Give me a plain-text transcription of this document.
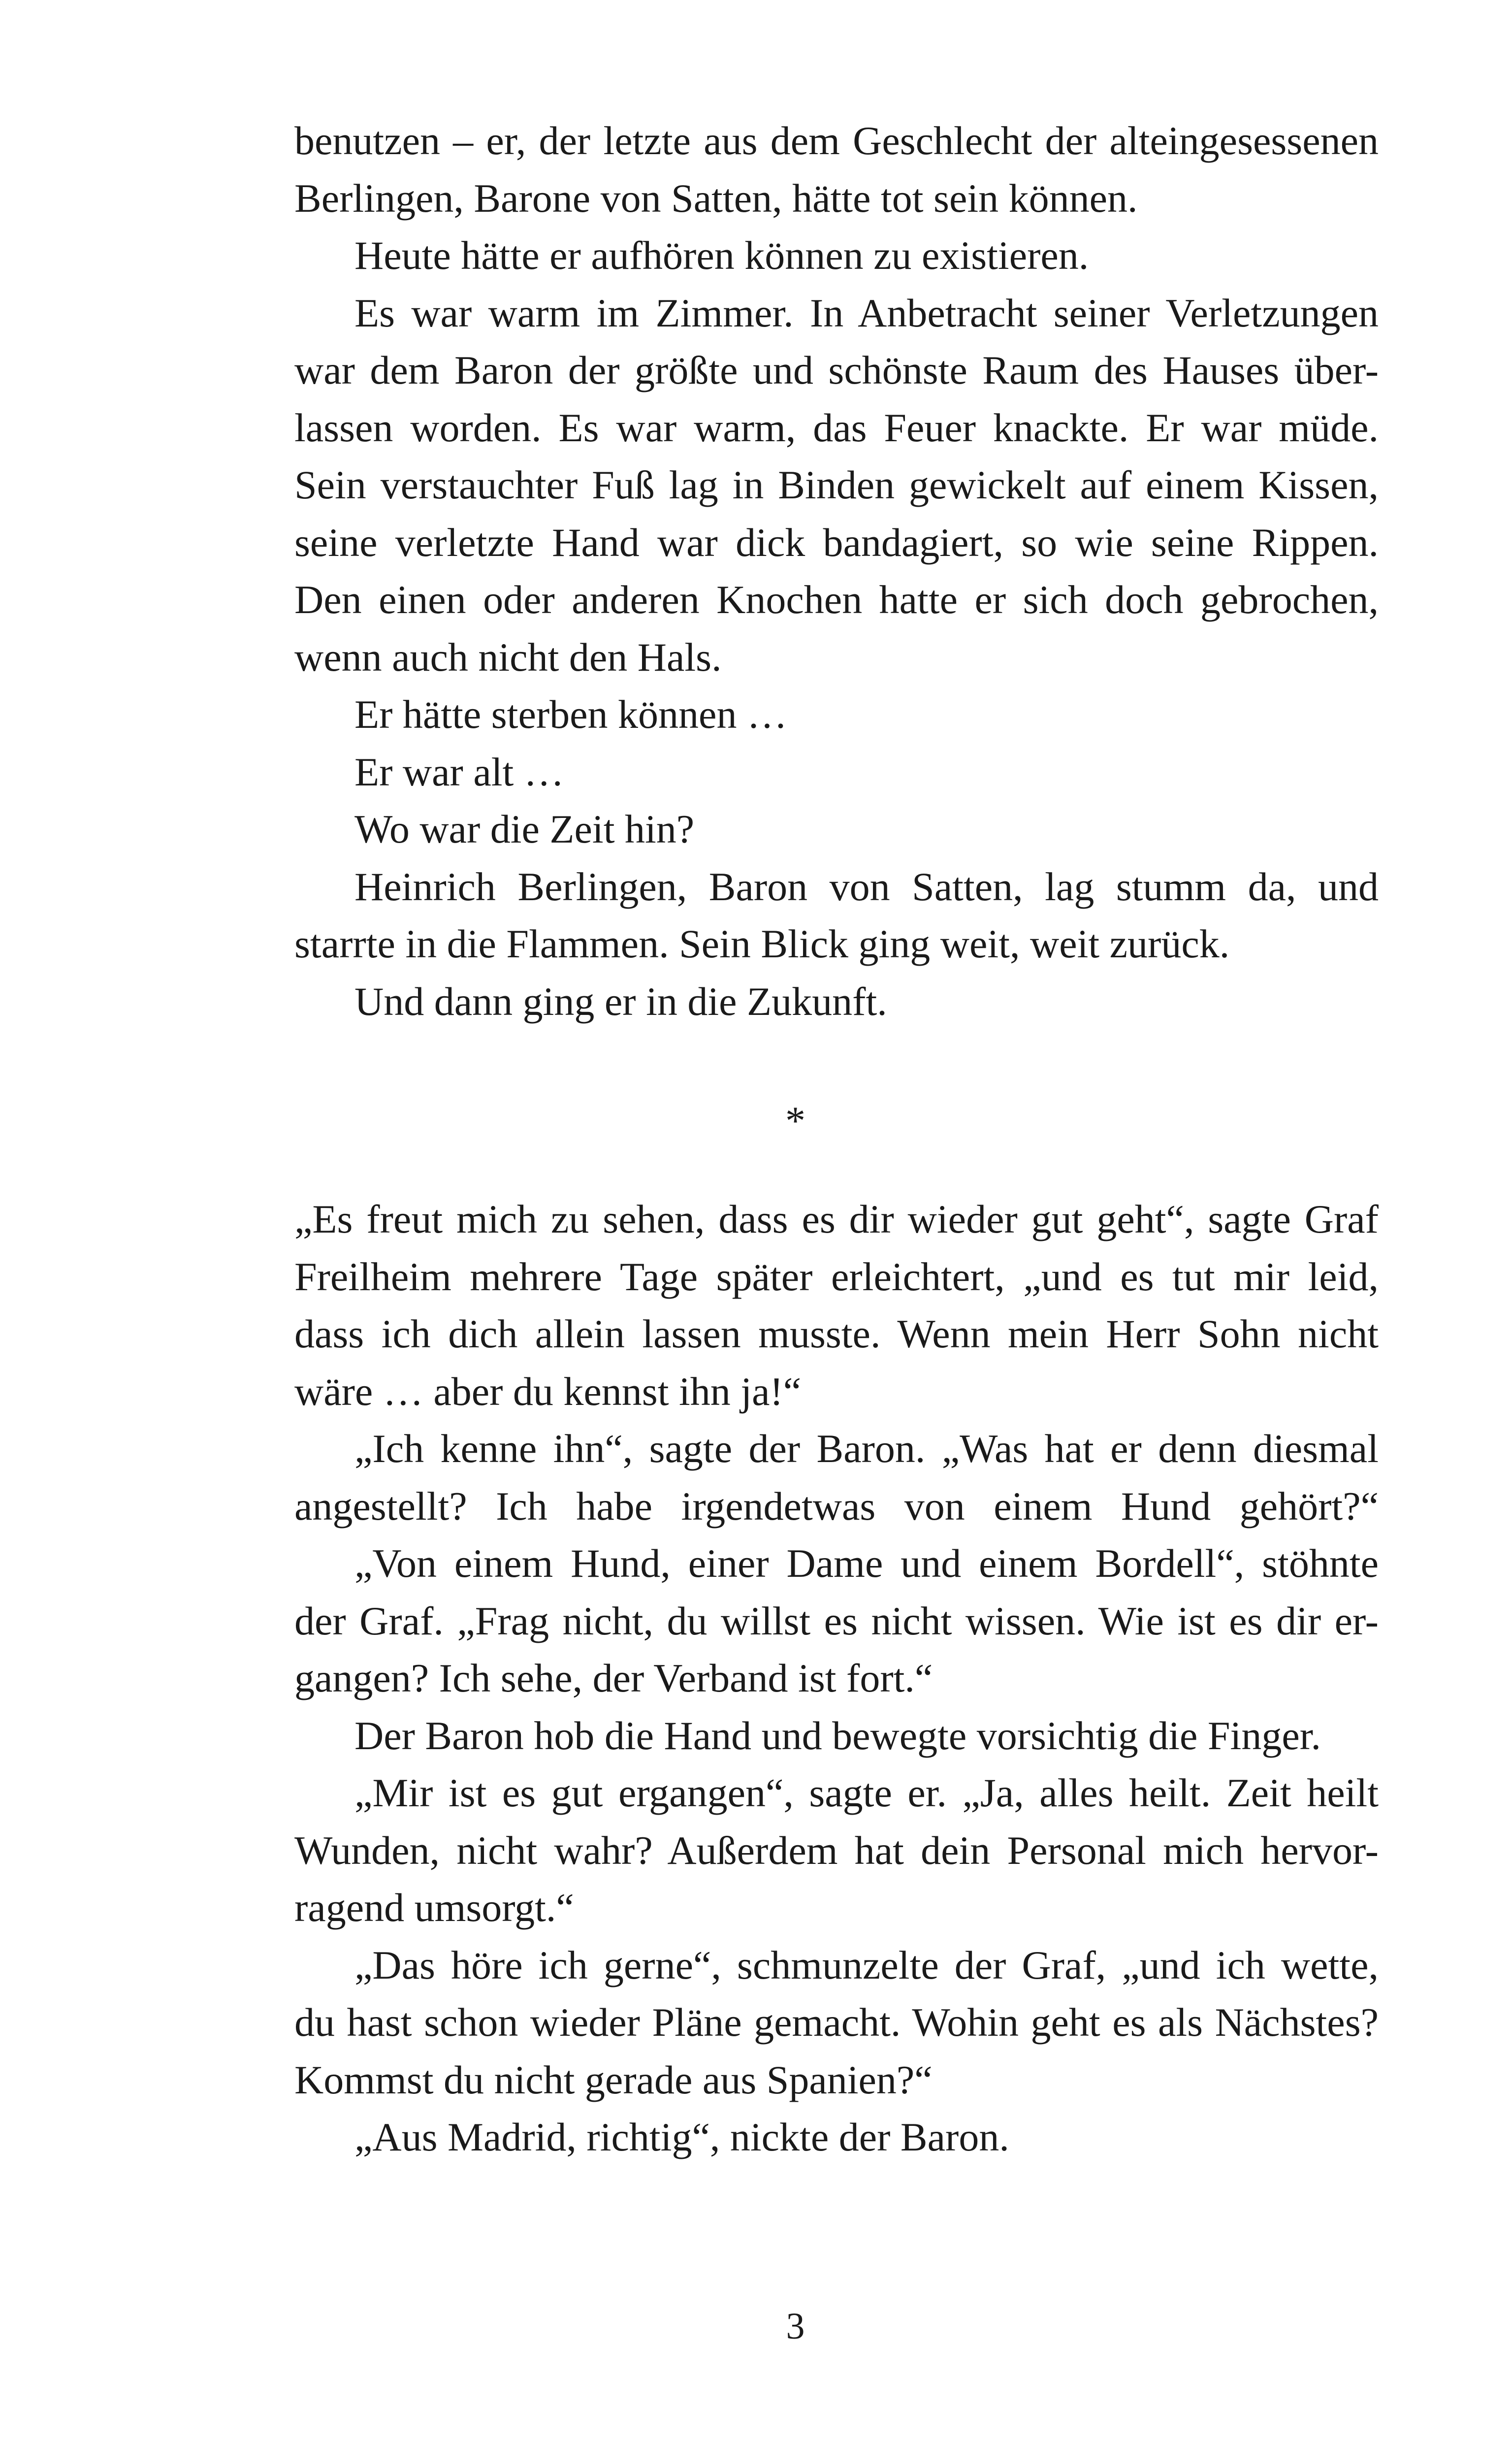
benutzen – er, der letzte aus dem Geschlecht der alteingesessenen
Berlingen, Barone von Satten, hätte tot sein können.
Heute hätte er aufhören können zu existieren.
Es war warm im Zimmer. In Anbetracht seiner Verletzungen
war dem Baron der größte und schönste Raum des Hauses über-
lassen worden. Es war warm, das Feuer knackte. Er war müde.
Sein verstauchter Fuß lag in Binden gewickelt auf einem Kissen,
seine verletzte Hand war dick bandagiert, so wie seine Rippen.
Den einen oder anderen Knochen hatte er sich doch gebrochen,
wenn auch nicht den Hals.
Er hätte sterben können …
Er war alt …
Wo war die Zeit hin?
Heinrich Berlingen, Baron von Satten, lag stumm da, und
starrte in die Flammen. Sein Blick ging weit, weit zurück.
Und dann ging er in die Zukunft.
*
„Es freut mich zu sehen, dass es dir wieder gut geht“, sagte Graf
Freilheim mehrere Tage später erleichtert, „und es tut mir leid,
dass ich dich allein lassen musste. Wenn mein Herr Sohn nicht
wäre … aber du kennst ihn ja!“
„Ich kenne ihn“, sagte der Baron. „Was hat er denn diesmal
angestellt? Ich habe irgendetwas von einem Hund gehört?“
„Von einem Hund, einer Dame und einem Bordell“, stöhnte
der Graf. „Frag nicht, du willst es nicht wissen. Wie ist es dir er-
gangen? Ich sehe, der Verband ist fort.“
Der Baron hob die Hand und bewegte vorsichtig die Finger.
„Mir ist es gut ergangen“, sagte er. „Ja, alles heilt. Zeit heilt
Wunden, nicht wahr? Außerdem hat dein Personal mich hervor-
ragend umsorgt.“
„Das höre ich gerne“, schmunzelte der Graf, „und ich wette,
du hast schon wieder Pläne gemacht. Wohin geht es als Nächstes?
Kommst du nicht gerade aus Spanien?“
„Aus Madrid, richtig“, nickte der Baron.
3
